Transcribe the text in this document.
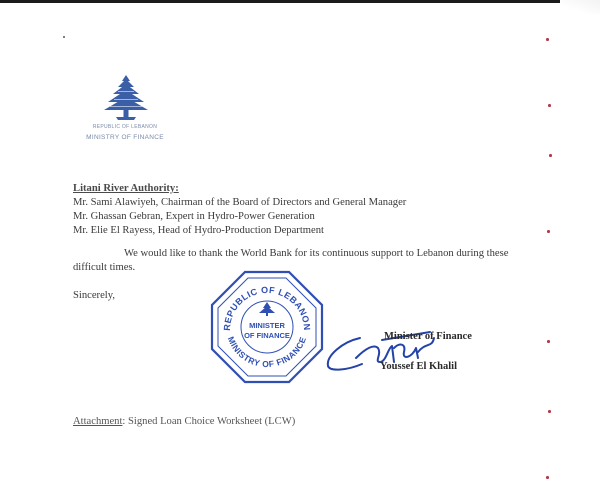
REPUBLIC OF LEBANON
MINISTRY OF FINANCE
Litani River Authority:
Mr. Sami Alawiyeh, Chairman of the Board of Directors and General Manager
Mr. Ghassan Gebran, Expert in Hydro-Power Generation
Mr. Elie El Rayess, Head of Hydro-Production Department
We would like to thank the World Bank for its continuous support to Lebanon during these
difficult times.
Sincerely,
REPUBLIC OF LEBANON
MINISTRY OF FINANCE
MINISTER
OF FINANCE	Minister of Finance
Youssef El Khalil
Attachment: Signed Loan Choice Worksheet (LCW)
